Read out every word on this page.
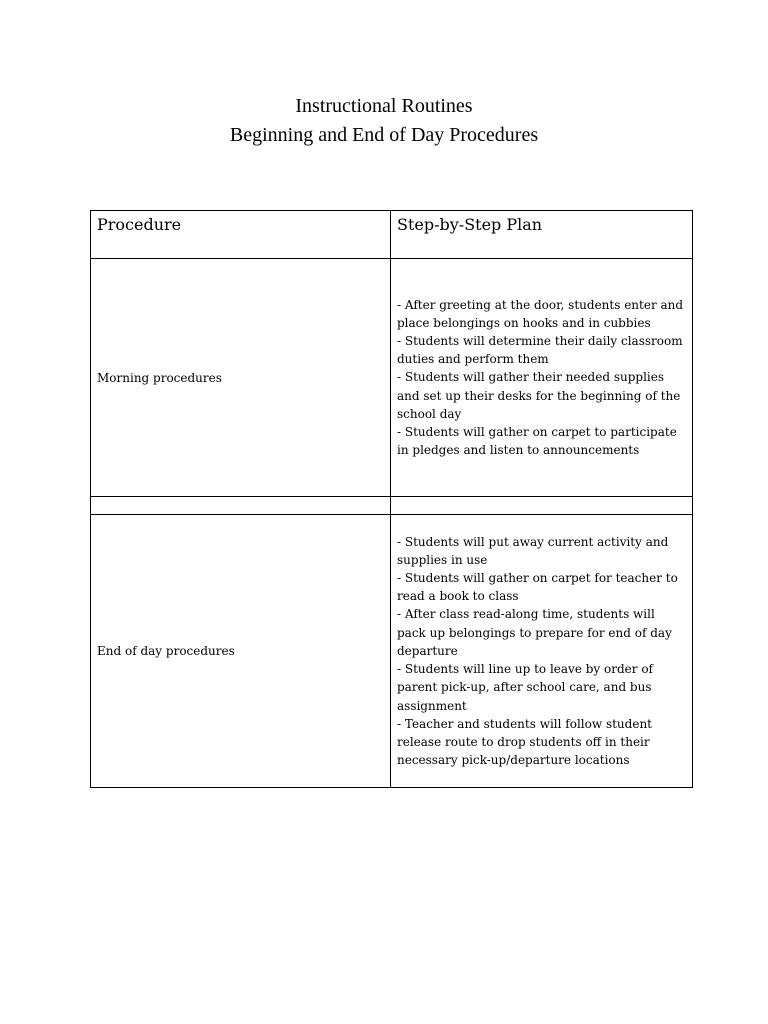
Instructional Routines

Beginning and End of Day Procedures

Procedure	Step-by-Step Plan
Morning procedures	- After greeting at the door, students enter and place belongings on hooks and in cubbies
- Students will determine their daily classroom duties and perform them
- Students will gather their needed supplies and set up their desks for the beginning of the school day
- Students will gather on carpet to participate in pledges and listen to announcements

End of day procedures	- Students will put away current activity and supplies in use
- Students will gather on carpet for teacher to read a book to class
- After class read-along time, students will pack up belongings to prepare for end of day departure
- Students will line up to leave by order of parent pick-up, after school care, and bus assignment
- Teacher and students will follow student release route to drop students off in their necessary pick-up/departure locations
